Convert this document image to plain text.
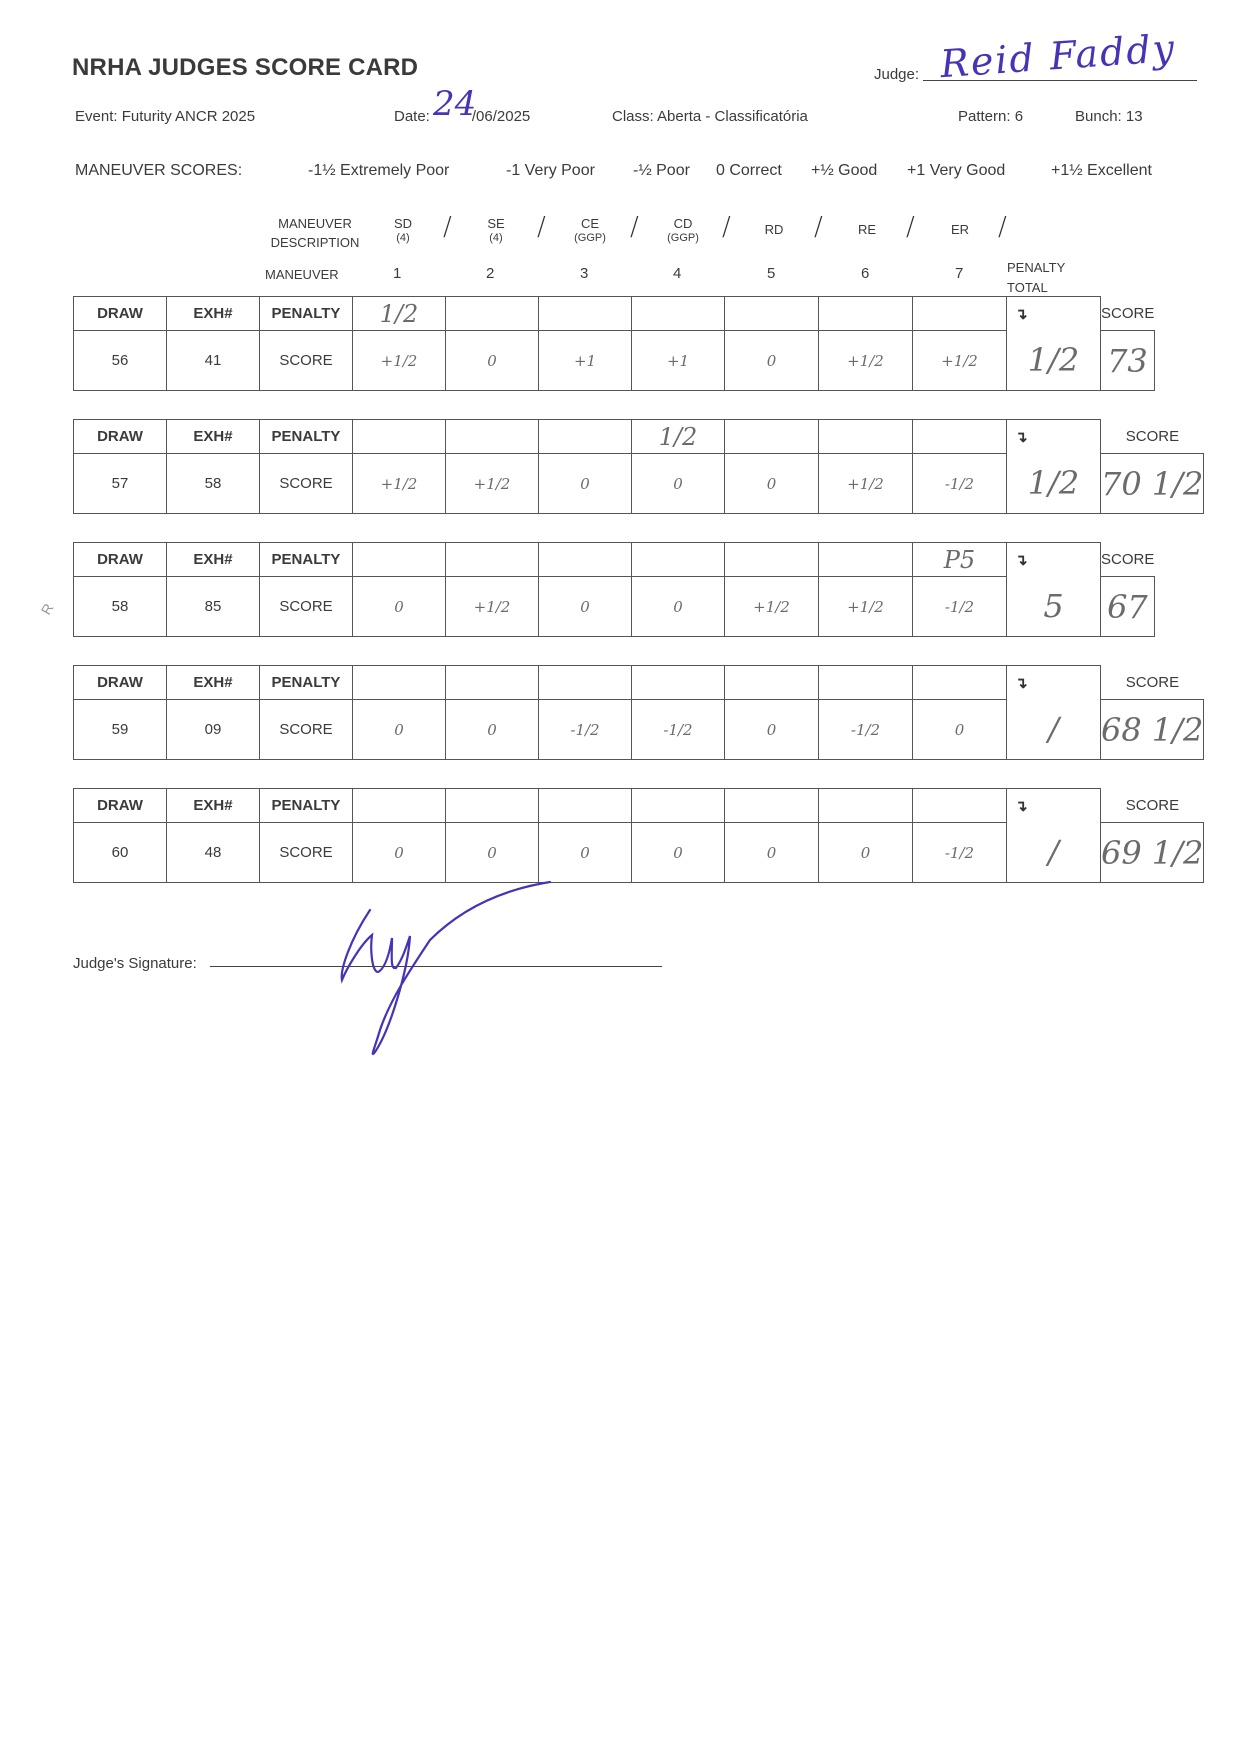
NRHA JUDGES SCORE CARD	Judge: Reid Faddy
Event: Futurity ANCR 2025	Date:	/06/2025
24	Class: Aberta - Classificatória	Pattern: 6	Bunch: 13
MANEUVER SCORES:	-1½ Extremely Poor	-1 Very Poor -½ Poor 0 Correct +½ Good +1 Very Good	+1½ Excellent
MANEUVER
DESCRIPTION
SD
(4)	/	SE
(4)	/	CE
(GGP) /	CD
(GGP) /	RD	/	RE	/	ER	/
MANEUVER	1	2	3	4	5	6	7	PENALTY
TOTAL
DRAW	EXH#	PENALTY	1/2							↴	SCORE
56	41	SCORE	+1/2	0	+1	+1	0	+1/2	+1/2	1/2	73
DRAW	EXH#	PENALTY				1/2				↴	SCORE
57	58	SCORE	+1/2	+1/2	0	0	0	+1/2	-1/2	1/2	70 1/2
DRAW	EXH#	PENALTY							P5	↴	SCORE
58	85	SCORE	0	+1/2	0	0	+1/2	+1/2	-1/2	5	67
DRAW	EXH#	PENALTY								↴	SCORE
59	09	SCORE	0	0	-1/2	-1/2	0	-1/2	0	/	68 1/2
DRAW	EXH#	PENALTY								↴	SCORE
60	48	SCORE	0	0	0	0	0	0	-1/2	/	69 1/2
R
Judge's Signature:
